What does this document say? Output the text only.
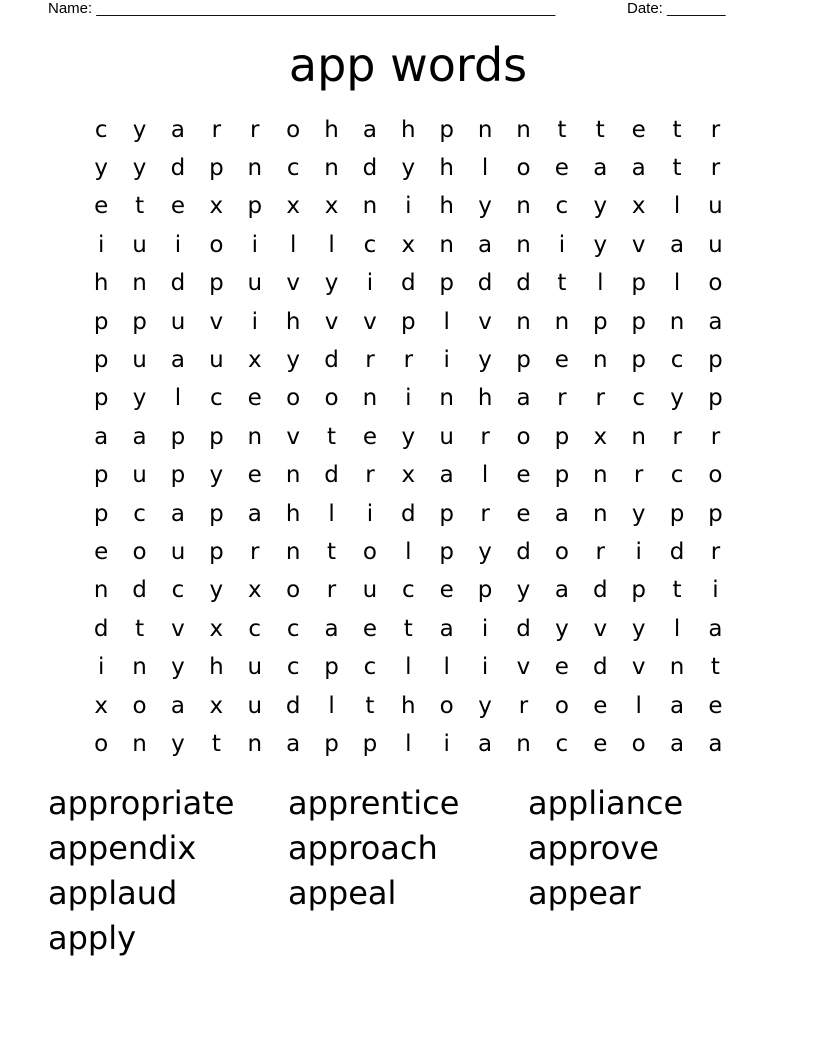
Name: _______________________________________________________	Date: _______
app words
c	y	a	r	r	o	h	a	h	p	n	n	t	t	e	t	r
y	y	d	p	n	c	n	d	y	h	l	o	e	a	a	t	r
e	t	e	x	p	x	x	n	i	h	y	n	c	y	x	l	u
i	u	i	o	i	l	l	c	x	n	a	n	i	y	v	a	u
h	n	d	p	u	v	y	i	d	p	d	d	t	l	p	l	o
p	p	u	v	i	h	v	v	p	l	v	n	n	p	p	n	a
p	u	a	u	x	y	d	r	r	i	y	p	e	n	p	c	p
p	y	l	c	e	o	o	n	i	n	h	a	r	r	c	y	p
a	a	p	p	n	v	t	e	y	u	r	o	p	x	n	r	r
p	u	p	y	e	n	d	r	x	a	l	e	p	n	r	c	o
p	c	a	p	a	h	l	i	d	p	r	e	a	n	y	p	p
e	o	u	p	r	n	t	o	l	p	y	d	o	r	i	d	r
n	d	c	y	x	o	r	u	c	e	p	y	a	d	p	t	i
d	t	v	x	c	c	a	e	t	a	i	d	y	v	y	l	a
i	n	y	h	u	c	p	c	l	l	i	v	e	d	v	n	t
x	o	a	x	u	d	l	t	h	o	y	r	o	e	l	a	e
o	n	y	t	n	a	p	p	l	i	a	n	c	e	o	a	a
appropriate	apprentice	appliance
appendix	approach	approve
applaud	appeal	appear
apply
